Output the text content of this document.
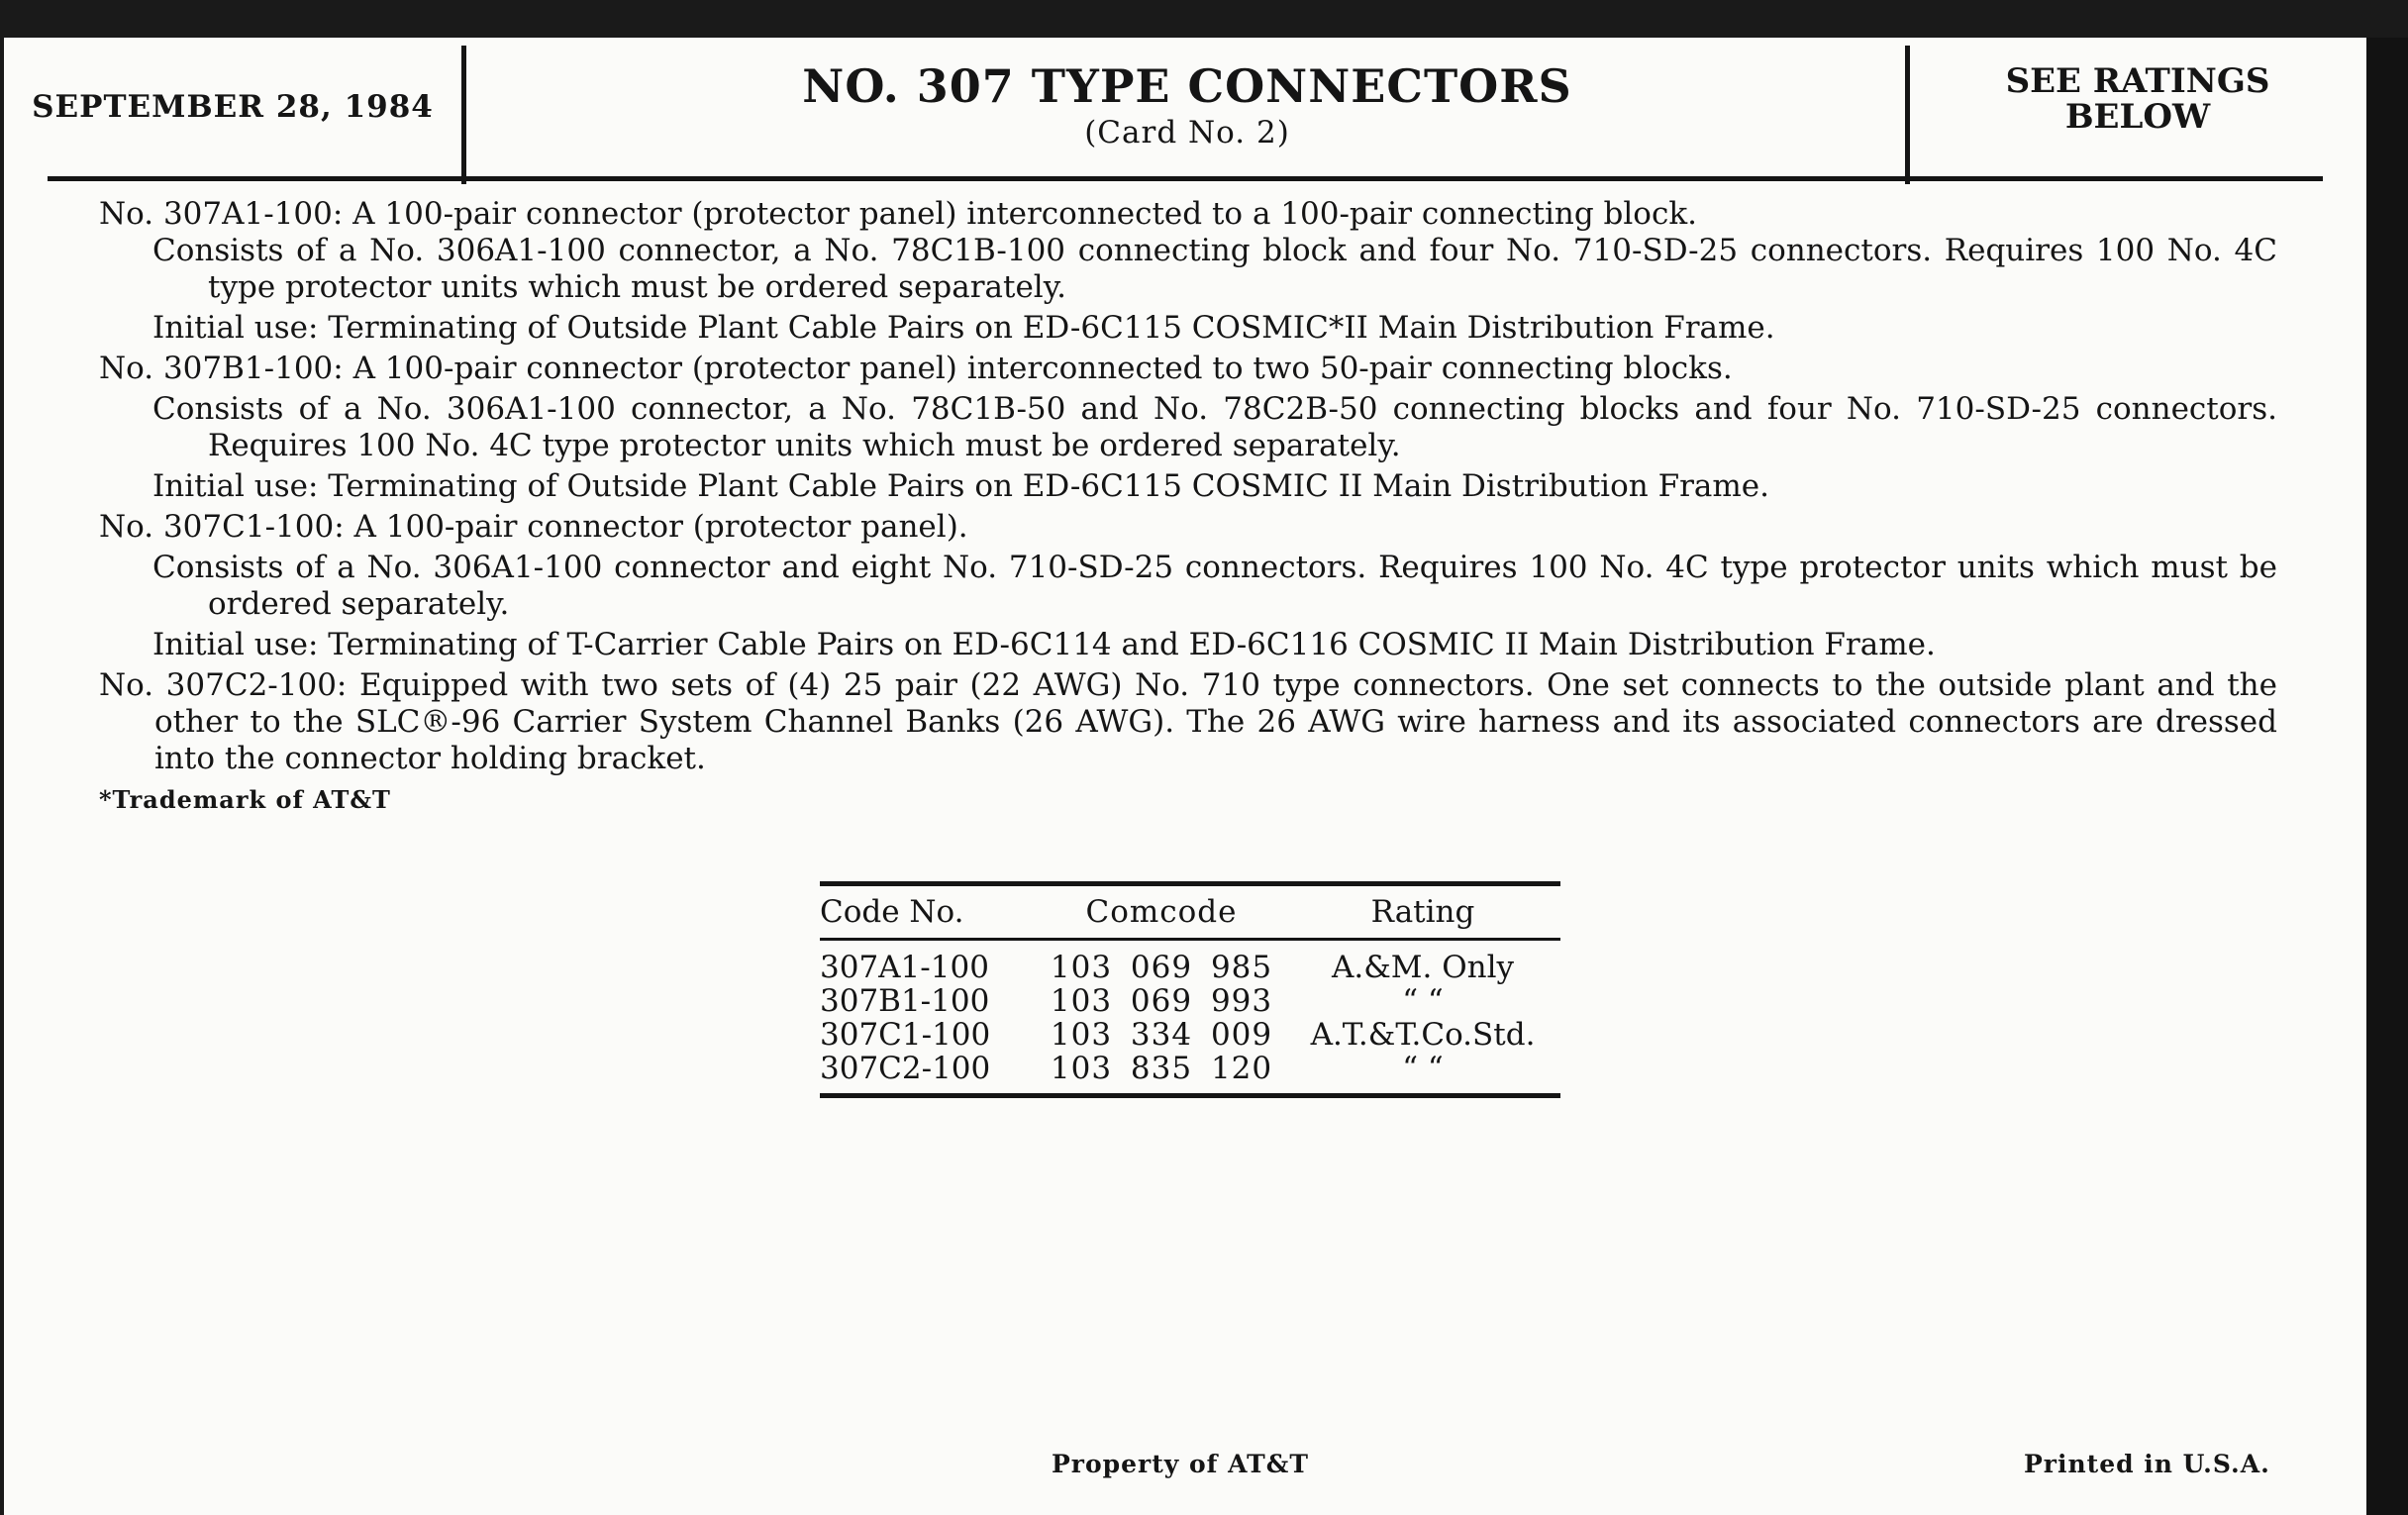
SEPTEMBER 28, 1984	NO. 307 TYPE CONNECTORS
(Card No. 2)
SEE RATINGS
BELOW

No. 307A1-100: A 100-pair connector (protector panel) interconnected to a 100-pair connecting block.

Consists of a No. 306A1-100 connector, a No. 78C1B-100 connecting block and four No. 710-SD-25 connectors. Requires 100 No. 4C type protector units which must be ordered separately.

Initial use: Terminating of Outside Plant Cable Pairs on ED-6C115 COSMIC*II Main Distribution Frame.

No. 307B1-100: A 100-pair connector (protector panel) interconnected to two 50-pair connecting blocks.

Consists of a No. 306A1-100 connector, a No. 78C1B-50 and No. 78C2B-50 connecting blocks and four No. 710-SD-25 connectors. Requires 100 No. 4C type protector units which must be ordered separately.

Initial use: Terminating of Outside Plant Cable Pairs on ED-6C115 COSMIC II Main Distribution Frame.

No. 307C1-100: A 100-pair connector (protector panel).

Consists of a No. 306A1-100 connector and eight No. 710-SD-25 connectors. Requires 100 No. 4C type protector units which must be ordered separately.

Initial use: Terminating of T-Carrier Cable Pairs on ED-6C114 and ED-6C116 COSMIC II Main Distribution Frame.

No. 307C2-100: Equipped with two sets of (4) 25 pair (22 AWG) No. 710 type connectors. One set connects to the outside plant and the other to the SLC®-96 Carrier System Channel Banks (26 AWG). The 26 AWG wire harness and its associated connectors are dressed into the connector holding bracket.

*Trademark of AT&T
Code No.	Comcode	Rating
307A1-100	103 069 985	A.&M. Only
307B1-100	103 069 993	“ “
307C1-100	103 334 009	A.T.&T.Co.Std.
307C2-100	103 835 120	“ “
Property of AT&T	Printed in U.S.A.
